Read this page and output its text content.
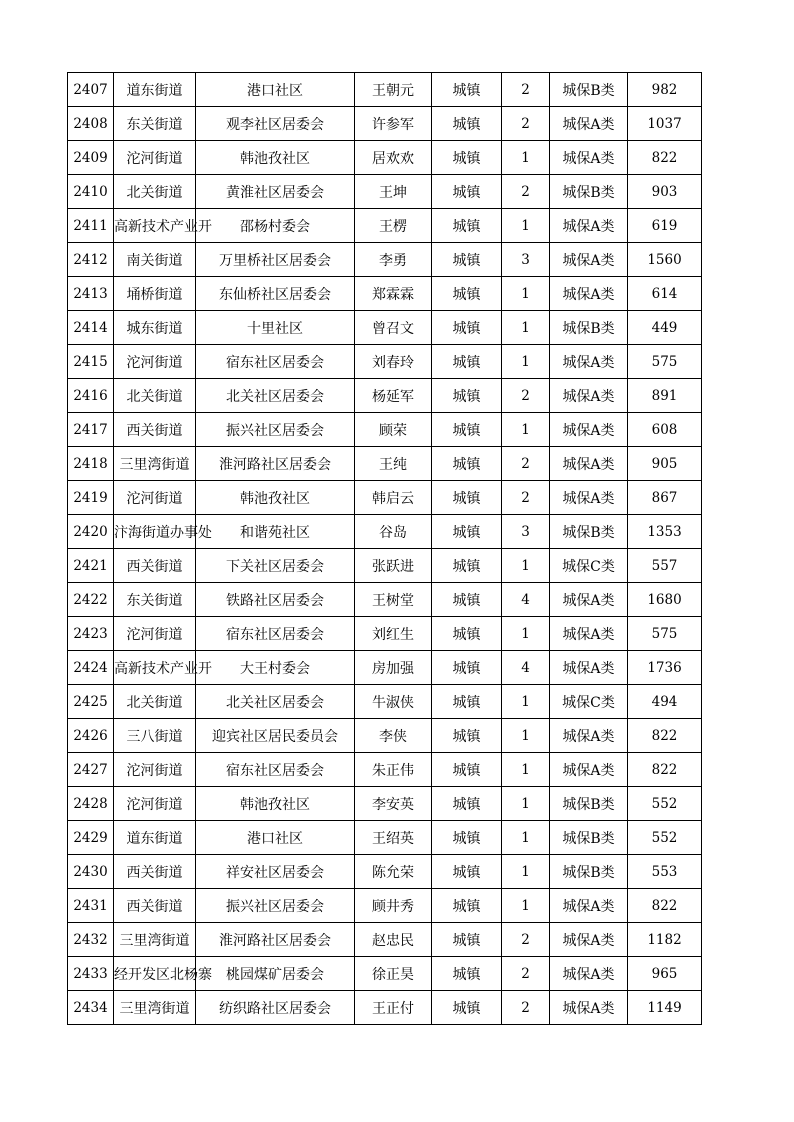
2407	道东街道	港口社区	王朝元	城镇	2	城保B类	982
2408	东关街道	观李社区居委会	许参军	城镇	2	城保A类	1037
2409	沱河街道	韩池孜社区	居欢欢	城镇	1	城保A类	822
2410	北关街道	黄淮社区居委会	王坤	城镇	2	城保B类	903
2411	高新技术产业开	邵杨村委会	王楞	城镇	1	城保A类	619
2412	南关街道	万里桥社区居委会	李勇	城镇	3	城保A类	1560
2413	埇桥街道	东仙桥社区居委会	郑霖霖	城镇	1	城保A类	614
2414	城东街道	十里社区	曾召文	城镇	1	城保B类	449
2415	沱河街道	宿东社区居委会	刘春玲	城镇	1	城保A类	575
2416	北关街道	北关社区居委会	杨延军	城镇	2	城保A类	891
2417	西关街道	振兴社区居委会	顾荣	城镇	1	城保A类	608
2418	三里湾街道	淮河路社区居委会	王纯	城镇	2	城保A类	905
2419	沱河街道	韩池孜社区	韩启云	城镇	2	城保A类	867
2420	汴海街道办事处	和谐苑社区	谷岛	城镇	3	城保B类	1353
2421	西关街道	下关社区居委会	张跃进	城镇	1	城保C类	557
2422	东关街道	铁路社区居委会	王树堂	城镇	4	城保A类	1680
2423	沱河街道	宿东社区居委会	刘红生	城镇	1	城保A类	575
2424	高新技术产业开	大王村委会	房加强	城镇	4	城保A类	1736
2425	北关街道	北关社区居委会	牛淑侠	城镇	1	城保C类	494
2426	三八街道	迎宾社区居民委员会	李侠	城镇	1	城保A类	822
2427	沱河街道	宿东社区居委会	朱正伟	城镇	1	城保A类	822
2428	沱河街道	韩池孜社区	李安英	城镇	1	城保B类	552
2429	道东街道	港口社区	王绍英	城镇	1	城保B类	552
2430	西关街道	祥安社区居委会	陈允荣	城镇	1	城保B类	553
2431	西关街道	振兴社区居委会	顾井秀	城镇	1	城保A类	822
2432	三里湾街道	淮河路社区居委会	赵忠民	城镇	2	城保A类	1182
2433	经开发区北杨寨	桃园煤矿居委会	徐正昊	城镇	2	城保A类	965
2434	三里湾街道	纺织路社区居委会	王正付	城镇	2	城保A类	1149
